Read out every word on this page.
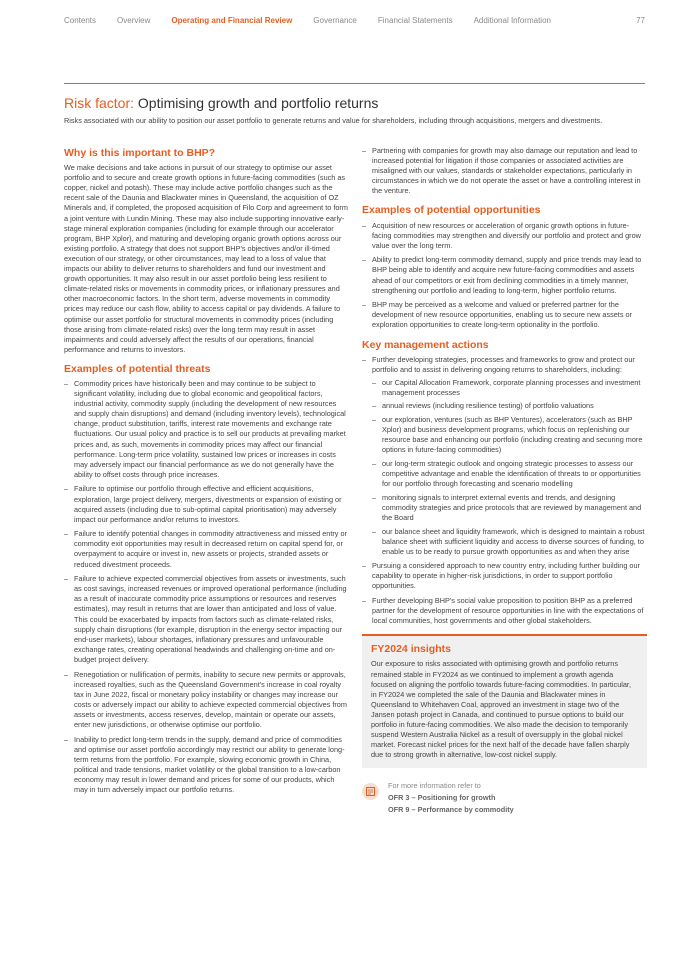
Contents	Overview	Operating and Financial Review	Governance	Financial Statements	Additional Information	77
Risk factor: Optimising growth and portfolio returns

Risks associated with our ability to position our asset portfolio to generate returns and value for shareholders, including through acquisitions, mergers and divestments.

Why is this important to BHP?

We make decisions and take actions in pursuit of our strategy to optimise our asset portfolio and to secure and create growth options in future-facing commodities (such as copper, nickel and potash). These may include active portfolio changes such as the recent sale of the Daunia and Blackwater mines in Queensland, the acquisition of OZ Minerals and, if completed, the proposed acquisition of Filo Corp and agreement to form a joint venture with Lundin Mining. These may also include supporting innovative early-stage mineral exploration companies (including for example through our accelerator program, BHP Xplor), and maturing and developing organic growth options across our existing portfolio. A strategy that does not support BHP's objectives and/or ill-timed execution of our strategy, or other circumstances, may lead to a loss of value that impacts our ability to deliver returns to shareholders and fund our investment and growth opportunities. It may also result in our asset portfolio being less resilient to climate-related risks or movements in commodity prices, or inflationary pressures and other macroeconomic factors. In the short term, adverse movements in commodity prices may reduce our cash flow, ability to access capital or pay dividends. A failure to optimise our asset portfolio for structural movements in commodity prices (including those arising from climate-related risks) over the long term may result in asset impairments and could adversely affect the results of our operations, financial performance and returns to investors.

Examples of potential threats
– Commodity prices have historically been and may continue to be subject to significant volatility, including due to global economic and geopolitical factors, industrial activity, commodity supply (including the development of new resources and supply chain disruptions) and demand (including inventory levels), technological change, product substitution, tariffs, interest rate movements and exchange rate fluctuations. Our usual policy and practice is to sell our products at prevailing market prices and, as such, movements in commodity prices may affect our financial performance. Long-term price volatility, sustained low prices or increases in costs may adversely impact our financial performance as we do not generally have the ability to offset costs through price increases.
– Failure to optimise our portfolio through effective and efficient acquisitions, exploration, large project delivery, mergers, divestments or expansion of existing or acquired assets (including due to sub-optimal capital prioritisation) may adversely impact our performance and/or returns to investors.
– Failure to identify potential changes in commodity attractiveness and missed entry or commodity exit opportunities may result in decreased return on capital spend for, or overpayment to acquire or invest in, new assets or projects, stranded assets or reduced divestment proceeds.
– Failure to achieve expected commercial objectives from assets or investments, such as cost savings, increased revenues or improved operational performance (including as a result of inaccurate commodity price assumptions or resources and reserves estimates), may result in returns that are lower than anticipated and loss of value. This could be exacerbated by impacts from factors such as climate-related risks, supply chain disruptions (for example, disruption in the energy sector impacting our end-user markets), labour shortages, inflationary pressures and unfavourable exchange rates, creating operational headwinds and challenging on-time and on-budget project delivery.
– Renegotiation or nullification of permits, inability to secure new permits or approvals, increased royalties, such as the Queensland Government's increase in coal royalty tax in June 2022, fiscal or monetary policy instability or changes may increase our costs or adversely impact our ability to achieve expected commercial objectives from assets or investments, access reserves, develop, maintain or operate our assets, enter new jurisdictions, or otherwise optimise our portfolio.
– Inability to predict long-term trends in the supply, demand and price of commodities and optimise our asset portfolio accordingly may restrict our ability to generate long-term returns from the portfolio. For example, slowing economic growth in China, political and trade tensions, market volatility or the global transition to a low-carbon economy may result in lower demand and prices for some of our products, which may in turn adversely impact our portfolio returns.
– Partnering with companies for growth may also damage our reputation and lead to increased potential for litigation if those companies or associated activities are misaligned with our values, standards or stakeholder expectations, particularly in circumstances in which we do not operate the asset or have a controlling interest in the venture.
Examples of potential opportunities
– Acquisition of new resources or acceleration of organic growth options in future-facing commodities may strengthen and diversify our portfolio and protect and grow value over the long term.
– Ability to predict long-term commodity demand, supply and price trends may lead to BHP being able to identify and acquire new future-facing commodities and assets ahead of our competitors or exit from declining commodities in a timely manner, strengthening our portfolio and leading to long-term, higher portfolio returns.
– BHP may be perceived as a welcome and valued or preferred partner for the development of new resource opportunities, enabling us to secure new assets or exploration opportunities to create long-term optionality in the portfolio.
Key management actions
– Further developing strategies, processes and frameworks to grow and protect our portfolio and to assist in delivering ongoing returns to shareholders, including:
– our Capital Allocation Framework, corporate planning processes and investment management processes
– annual reviews (including resilience testing) of portfolio valuations
– our exploration, ventures (such as BHP Ventures), accelerators (such as BHP Xplor) and business development programs, which focus on replenishing our resource base and enhancing our portfolio (including creating and securing more options in future-facing commodities)
– our long-term strategic outlook and ongoing strategic processes to assess our competitive advantage and enable the identification of threats to or opportunities for our portfolio through forecasting and scenario modelling
– monitoring signals to interpret external events and trends, and designing commodity strategies and price protocols that are reviewed by management and the Board
– our balance sheet and liquidity framework, which is designed to maintain a robust balance sheet with sufficient liquidity and access to diverse sources of funding, to enable us to be ready to pursue growth opportunities as and when they arise
– Pursuing a considered approach to new country entry, including further building our capability to operate in higher-risk jurisdictions, in order to support portfolio opportunities.
– Further developing BHP's social value proposition to position BHP as a preferred partner for the development of resource opportunities in line with the expectations of local communities, host governments and other global stakeholders.
FY2024 insights

Our exposure to risks associated with optimising growth and portfolio returns remained stable in FY2024 as we continued to implement a growth agenda focused on aligning the portfolio towards future-facing commodities. In particular, in FY2024 we completed the sale of the Daunia and Blackwater mines in Queensland to Whitehaven Coal, approved an investment in stage two of the Jansen potash project in Canada, and continued to pursue options to build our portfolio in future-facing commodities. We also made the decision to temporarily suspend Western Australia Nickel as a result of oversupply in the global nickel market. Forecast nickel prices for the next half of the decade have fallen sharply due to strong growth in alternative, low-cost nickel supply.

For more information refer to
OFR 3 – Positioning for growth
OFR 9 – Performance by commodity
